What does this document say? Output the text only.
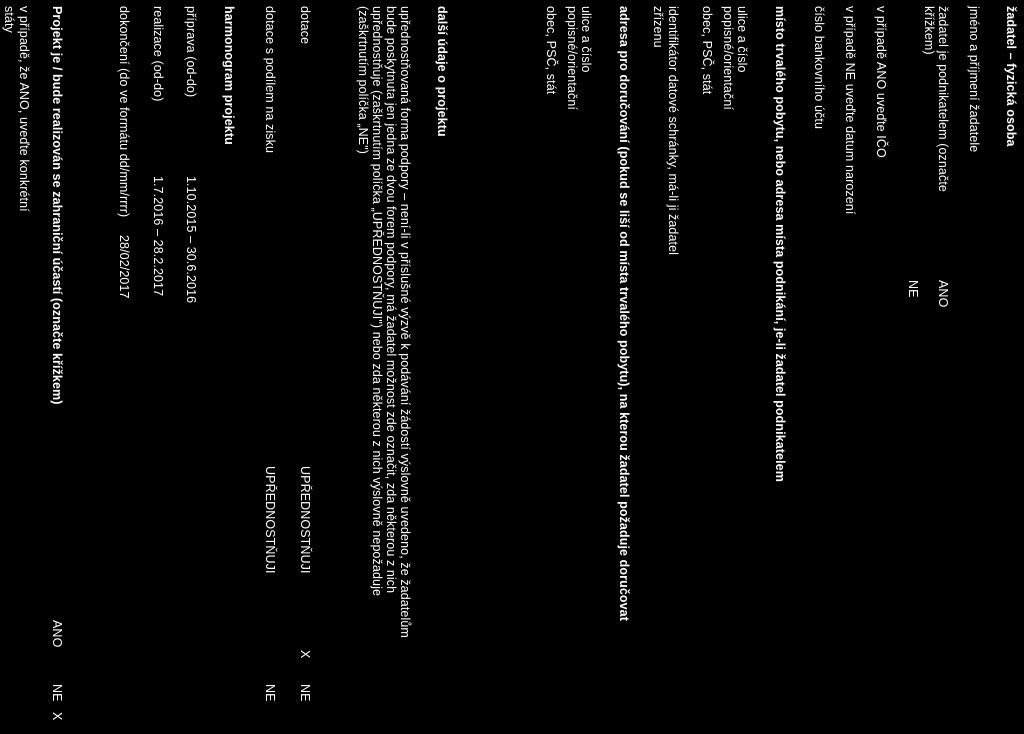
žadatel – fyzická osoba
jméno a příjmení žadatele
žadatel je podnikatelem (označte
křížkem)
ANO
NE
v případě ANO uveďte IČO
v případě NE uveďte datum narození
číslo bankovního účtu
místo trvalého pobytu, nebo adresa místa podnikání, je-li žadatel podnikatelem
ulice a číslo
popisné/orientační
obec, PSČ, stát
identifikátor datové schránky, má-li ji žadatel
zřízenu
adresa pro doručování (pokud se liší od místa trvalého pobytu), na kterou žadatel požaduje doručovat
ulice a číslo
popisné/orientační
obec, PSČ, stát
další údaje o projektu
upřednostňovaná forma podpory – není-li v příslušné výzvě k podávání žádostí výslovně uvedeno, že žadatelům
bude poskytnuta jen jedna ze dvou forem podpory, má žadatel možnost zde označit, zda některou z nich
upřednostňuje (zaškrtnutím políčka „UPŘEDNOSTŇUJI") nebo zda některou z nich výslovně nepožaduje
(zaškrtnutím políčka „NE")
dotace
UPŘEDNOSTŇUJI
X
NE
dotace s podílem na zisku
UPŘEDNOSTŇUJI
NE
harmonogram projektu
příprava (od-do)
1.10.2015 – 30.6.2016
realizace (od-do)
1.7.2016 – 28.2.2017
dokončení (do ve formátu dd/mm/rrrr)
28/02/2017
Projekt je / bude realizován se zahraniční účastí (označte křížkem)
ANO
NE
X
v případě, že ANO, uveďte konkrétní
státy
